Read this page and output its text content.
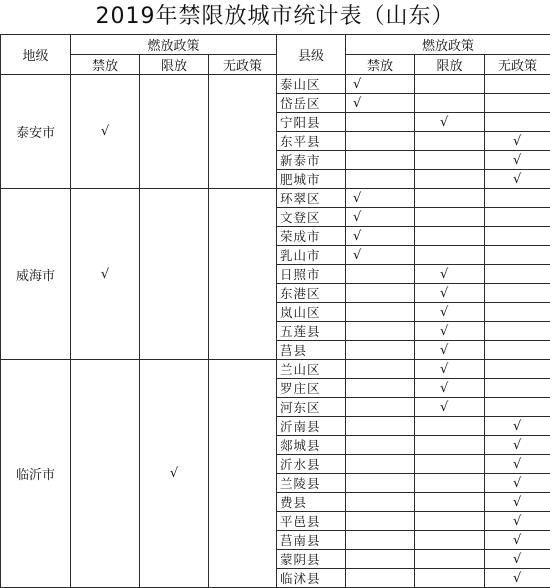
2019年禁限放城市统计表（山东）
地级	燃放政策			县级	燃放政策		
	禁放	限放	无政策		禁放	限放	无政策
泰安市	√			泰山区	√		
				岱岳区	√		
				宁阳县		√	
				东平县			√
				新泰市			√
				肥城市			√
威海市	√			环翠区	√		
				文登区	√		
				荣成市	√		
				乳山市	√		
				日照市		√	
				东港区		√	
				岚山区		√	
				五莲县		√	
				莒县		√	
临沂市		√		兰山区		√	
				罗庄区		√	
				河东区		√	
				沂南县			√
				郯城县			√
				沂水县			√
				兰陵县			√
				费县			√
				平邑县			√
				莒南县			√
				蒙阴县			√
				临沭县			√
